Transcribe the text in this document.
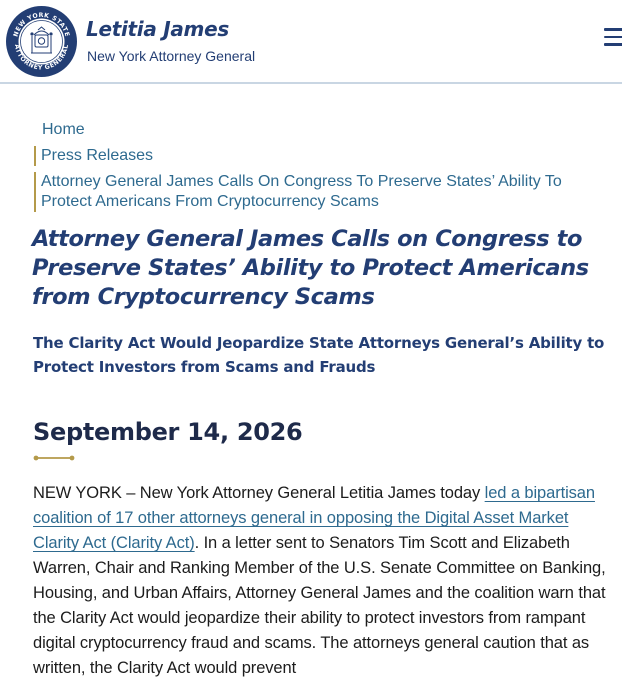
NEW YORK STATE
ATTORNEY GENERAL
Letitia James
New York Attorney General
Home
Press Releases
Attorney General James Calls On Congress To Preserve States’ Ability To Protect Americans From Cryptocurrency Scams
Attorney General James Calls on Congress to Preserve States’ Ability to Protect Americans from Cryptocurrency Scams
The Clarity Act Would Jeopardize State Attorneys General’s Ability to Protect Investors from Scams and Frauds
September 14, 2026

NEW YORK – New York Attorney General Letitia James today led a bipartisan coalition of 17 other attorneys general in opposing the Digital Asset Market Clarity Act (Clarity Act). In a letter sent to Senators Tim Scott and Elizabeth Warren, Chair and Ranking Member of the U.S. Senate Committee on Banking, Housing, and Urban Affairs, Attorney General James and the coalition warn that the Clarity Act would jeopardize their ability to protect investors from rampant digital cryptocurrency fraud and scams. The attorneys general caution that as written, the Clarity Act would prevent
